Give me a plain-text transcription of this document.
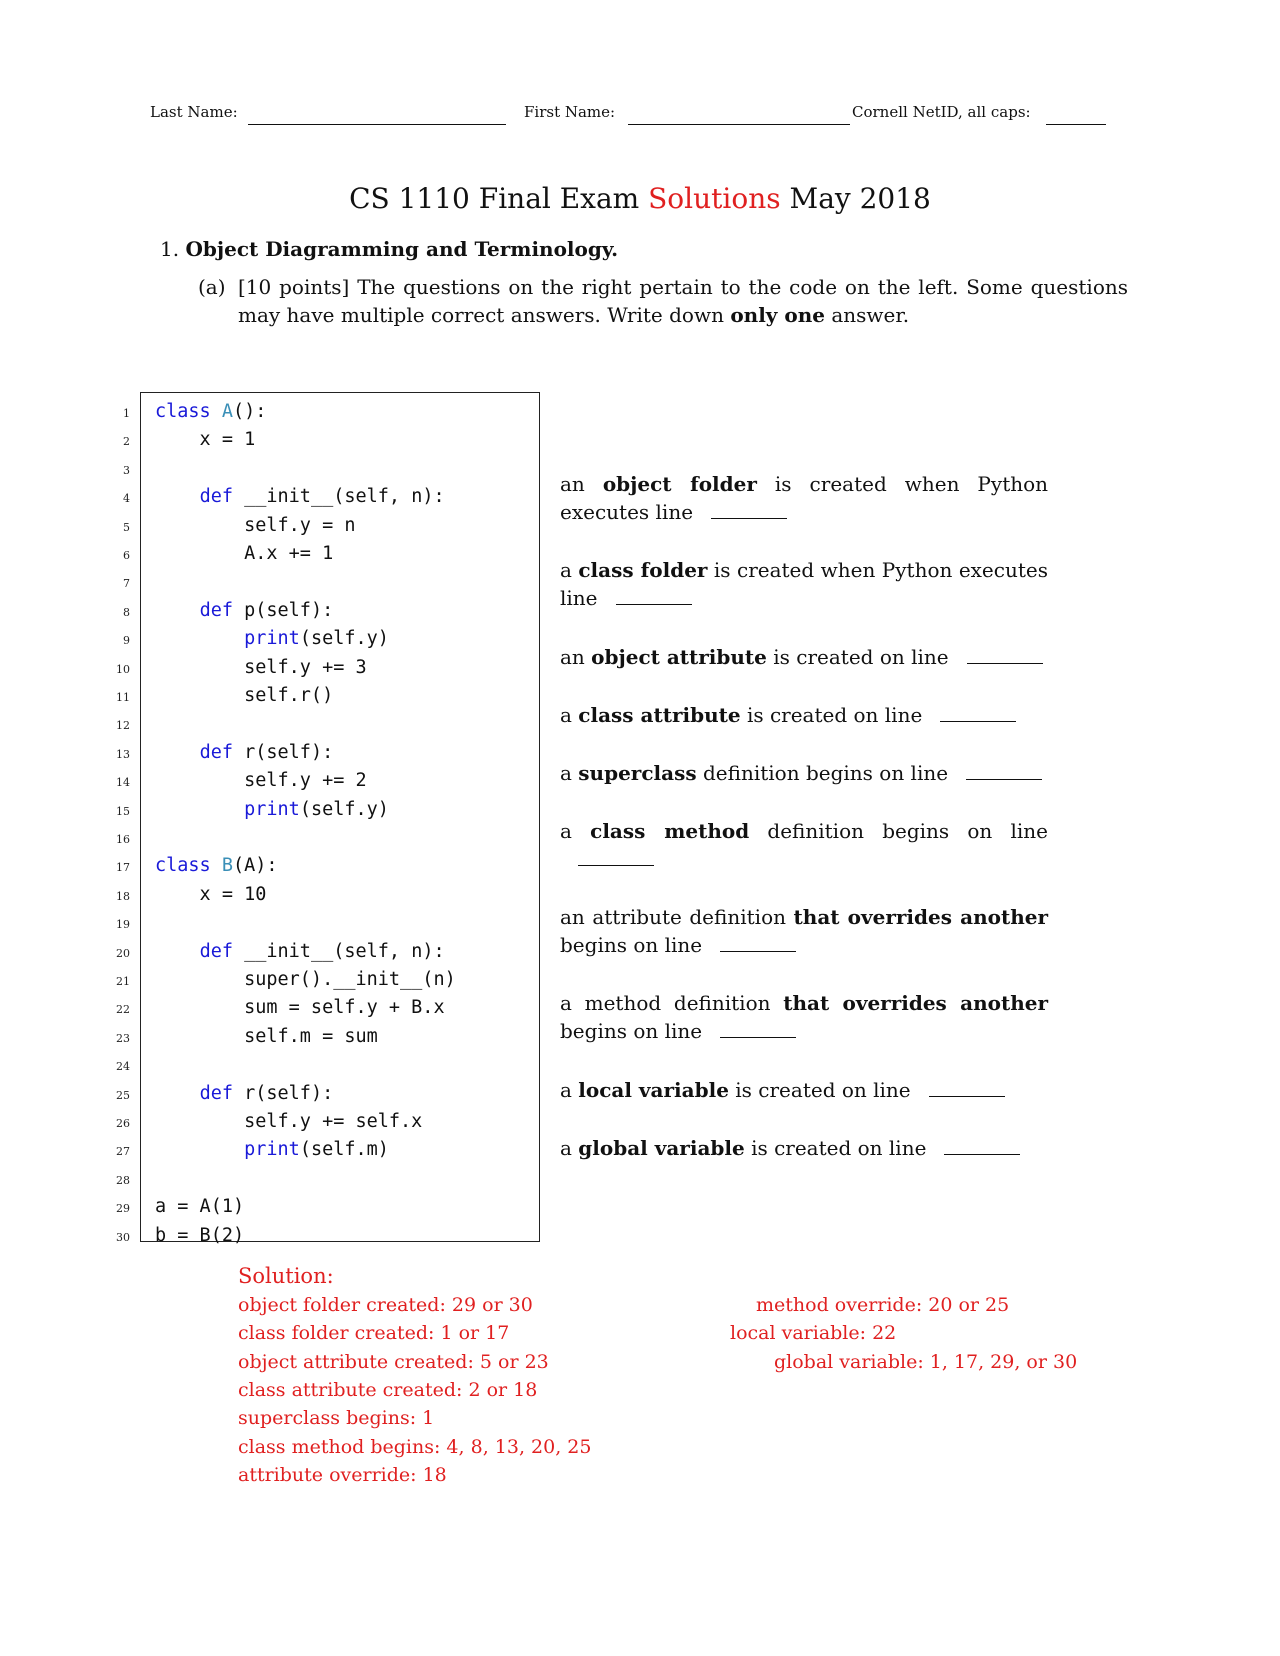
Last Name:	First Name:	Cornell NetID, all caps:
CS 1110 Final Exam Solutions May 2018
1. Object Diagramming and Terminology.
(a) [10 points] The questions on the right pertain to the code on the left. Some questions may have multiple correct answers. Write down only one answer.
1 class A():
2 x = 1
3
4	def __init__(self, n):
5 self.y = n
6 A.x += 1
7
8	def p(self):
9	print(self.y)
10 self.y += 3
11 self.r()
12
13	def r(self):
14 self.y += 2
15	print(self.y)
16
17 class B(A):
18 x = 10
19
20	def __init__(self, n):
21 super().__init__(n)
22 sum = self.y + B.x
23 self.m = sum
24
25	def r(self):
26 self.y += self.x
27	print(self.m)
28
29 a = A(1)
30 b = B(2)
an object folder is created when Python executes line
a class folder is created when Python executes line
an object attribute is created on line
a class attribute is created on line
a superclass definition begins on line
a class method definition begins on line
an attribute definition that overrides another begins on line
a method definition that overrides another begins on line
a local variable is created on line
a global variable is created on line
Solution:
object folder created: 29 or 30
class folder created: 1 or 17
object attribute created: 5 or 23
class attribute created: 2 or 18
superclass begins: 1
class method begins: 4, 8, 13, 20, 25
attribute override: 18
method override: 20 or 25
local variable: 22
global variable: 1, 17, 29, or 30
